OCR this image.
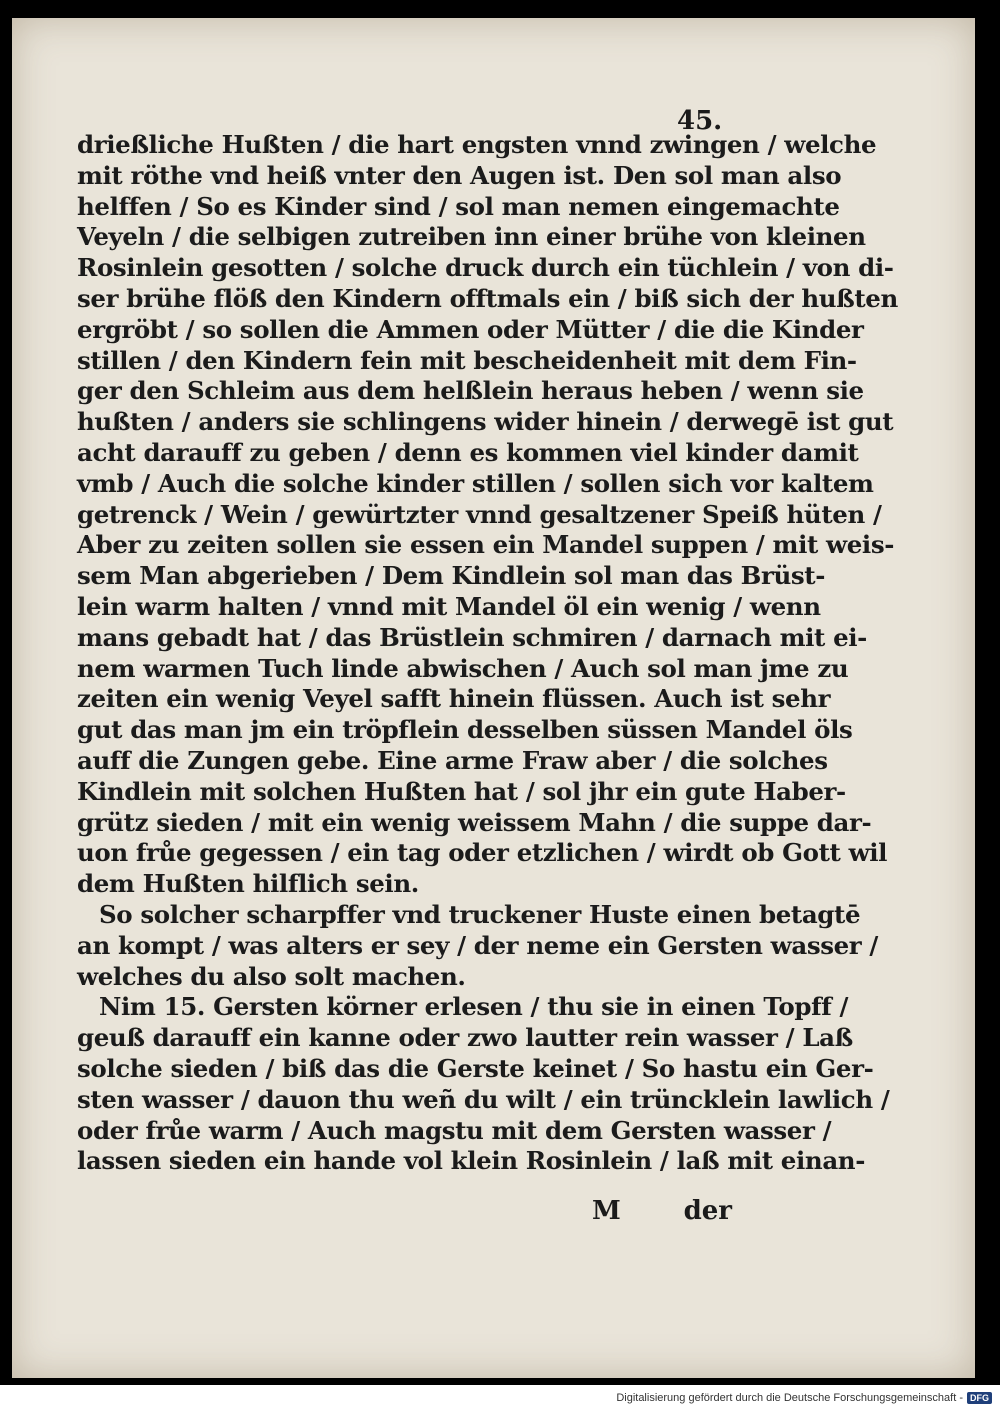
45.
drießliche Hußten / die hart engsten vnnd zwingen / welche
mit röthe vnd heiß vnter den Augen ist. Den sol man also
helffen / So es Kinder sind / sol man nemen eingemachte
Veyeln / die selbigen zutreiben inn einer brühe von kleinen
Rosinlein gesotten / solche druck durch ein tüchlein / von di-
ser brühe flöß den Kindern offtmals ein / biß sich der hußten
ergröbt / so sollen die Ammen oder Mütter / die die Kinder
stillen / den Kindern fein mit bescheidenheit mit dem Fin-
ger den Schleim aus dem helßlein heraus heben / wenn sie
hußten / anders sie schlingens wider hinein / derwegē ist gut
acht darauff zu geben / denn es kommen viel kinder damit
vmb / Auch die solche kinder stillen / sollen sich vor kaltem
getrenck / Wein / gewürtzter vnnd gesaltzener Speiß hüten /
Aber zu zeiten sollen sie essen ein Mandel suppen / mit weis-
sem Man abgerieben / Dem Kindlein sol man das Brüst-
lein warm halten / vnnd mit Mandel öl ein wenig / wenn
mans gebadt hat / das Brüstlein schmiren / darnach mit ei-
nem warmen Tuch linde abwischen / Auch sol man jme zu
zeiten ein wenig Veyel safft hinein flüssen. Auch ist sehr
gut das man jm ein tröpflein desselben süssen Mandel öls
auff die Zungen gebe. Eine arme Fraw aber / die solches
Kindlein mit solchen Hußten hat / sol jhr ein gute Haber-
grütz sieden / mit ein wenig weissem Mahn / die suppe dar-
uon frůe gegessen / ein tag oder etzlichen / wirdt ob Gott wil
dem Hußten hilflich sein.
So solcher scharpffer vnd truckener Huste einen betagtē
an kompt / was alters er sey / der neme ein Gersten wasser /
welches du also solt machen.
Nim 15. Gersten körner erlesen / thu sie in einen Topff /
geuß darauff ein kanne oder zwo lautter rein wasser / Laß
solche sieden / biß das die Gerste keinet / So hastu ein Ger-
sten wasser / dauon thu weñ du wilt / ein trüncklein lawlich /
oder frůe warm / Auch magstu mit dem Gersten wasser /
lassen sieden ein hande vol klein Rosinlein / laß mit einan-
M der
Digitalisierung gefördert durch die Deutsche Forschungsgemeinschaft - DFG
